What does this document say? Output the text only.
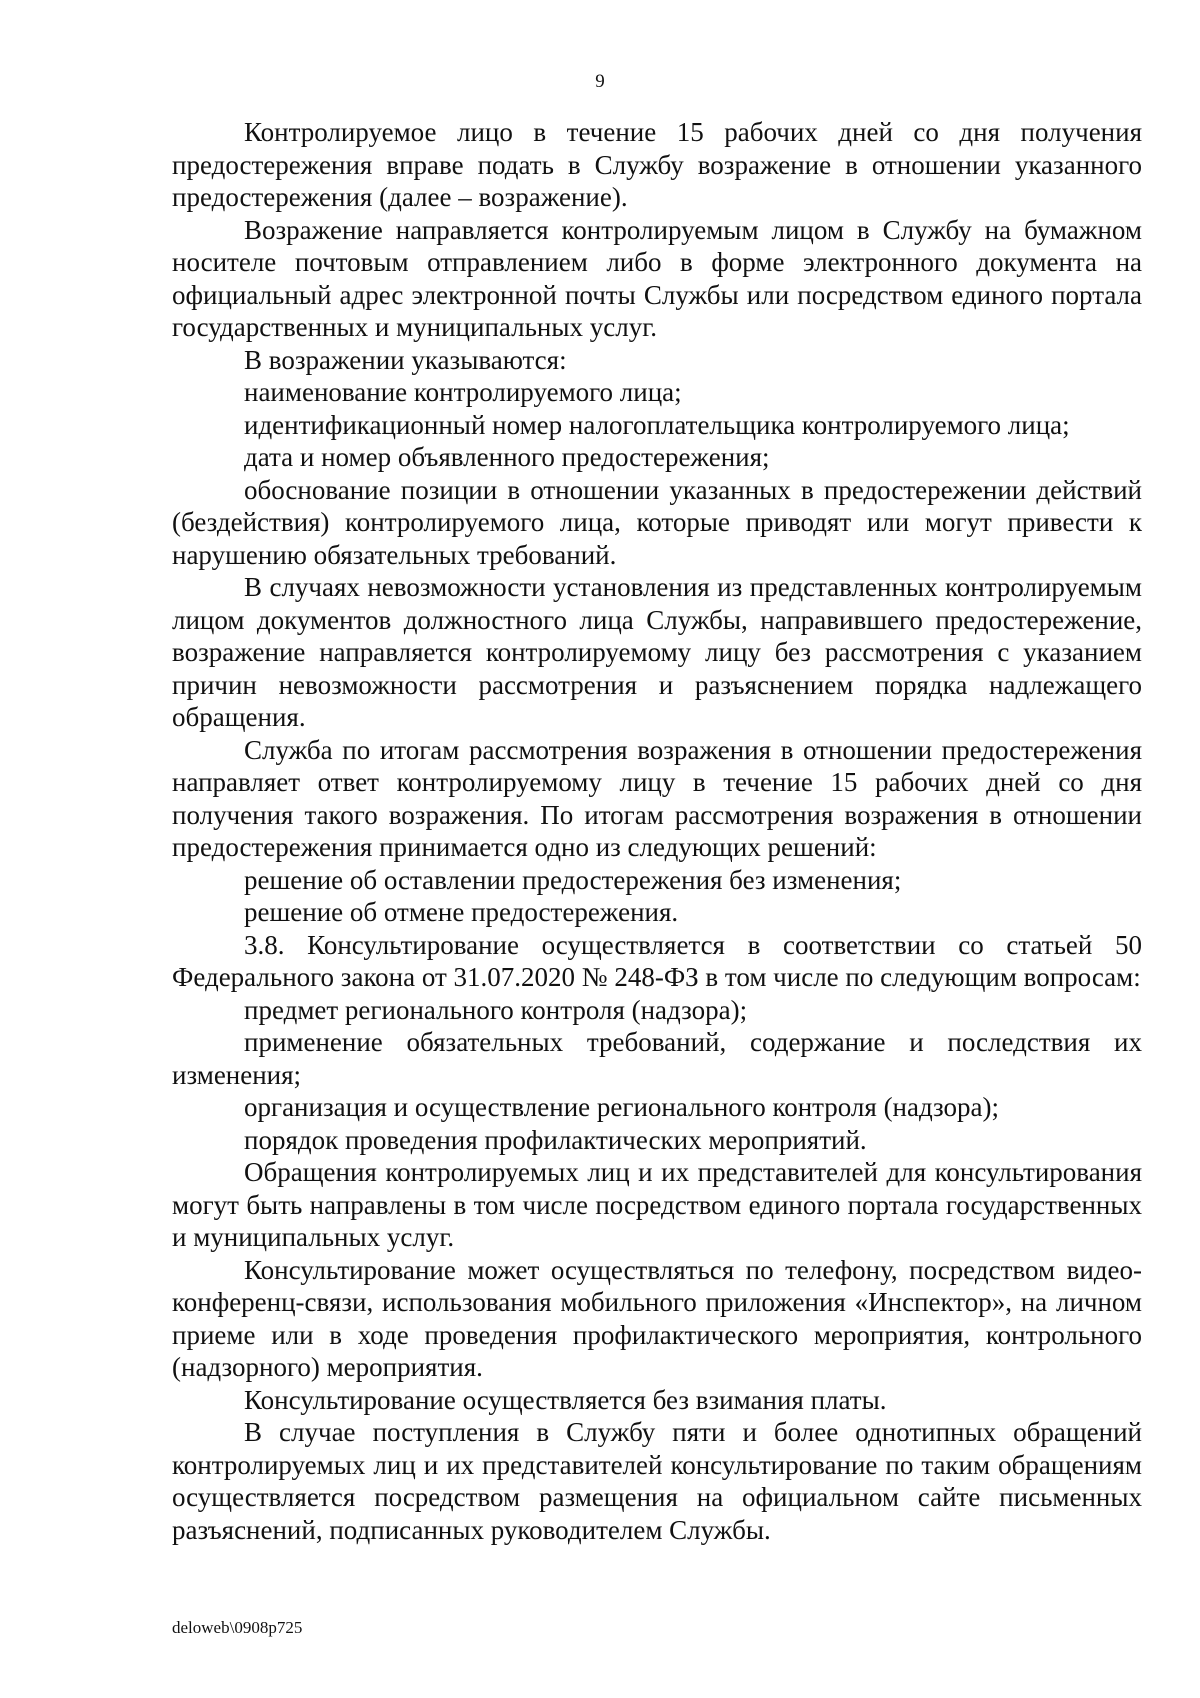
9

Контролируемое лицо в течение 15 рабочих дней со дня получения предостережения вправе подать в Службу возражение в отношении указанного предостережения (далее – возражение).

Возражение направляется контролируемым лицом в Службу на бумажном носителе почтовым отправлением либо в форме электронного документа на официальный адрес электронной почты Службы или посредством единого портала государственных и муниципальных услуг.

В возражении указываются:

наименование контролируемого лица;

идентификационный номер налогоплательщика контролируемого лица;

дата и номер объявленного предостережения;

обоснование позиции в отношении указанных в предостережении действий (бездействия) контролируемого лица, которые приводят или могут привести к нарушению обязательных требований.

В случаях невозможности установления из представленных контролируемым лицом документов должностного лица Службы, направившего предостережение, возражение направляется контролируемому лицу без рассмотрения с указанием причин невозможности рассмотрения и разъяснением порядка надлежащего обращения.

Служба по итогам рассмотрения возражения в отношении предостережения направляет ответ контролируемому лицу в течение 15 рабочих дней со дня получения такого возражения. По итогам рассмотрения возражения в отношении предостережения принимается одно из следующих решений:

решение об оставлении предостережения без изменения;

решение об отмене предостережения.

3.8. Консультирование осуществляется в соответствии со статьей 50 Федерального закона от 31.07.2020 № 248-ФЗ в том числе по следующим вопросам:

предмет регионального контроля (надзора);

применение обязательных требований, содержание и последствия их изменения;

организация и осуществление регионального контроля (надзора);

порядок проведения профилактических мероприятий.

Обращения контролируемых лиц и их представителей для консультирования могут быть направлены в том числе посредством единого портала государственных и муниципальных услуг.

Консультирование может осуществляться по телефону, посредством видео-конференц-связи, использования мобильного приложения «Инспектор», на личном приеме или в ходе проведения профилактического мероприятия, контрольного (надзорного) мероприятия.

Консультирование осуществляется без взимания платы.

В случае поступления в Службу пяти и более однотипных обращений контролируемых лиц и их представителей консультирование по таким обращениям осуществляется посредством размещения на официальном сайте письменных разъяснений, подписанных руководителем Службы.

deloweb\0908p725
